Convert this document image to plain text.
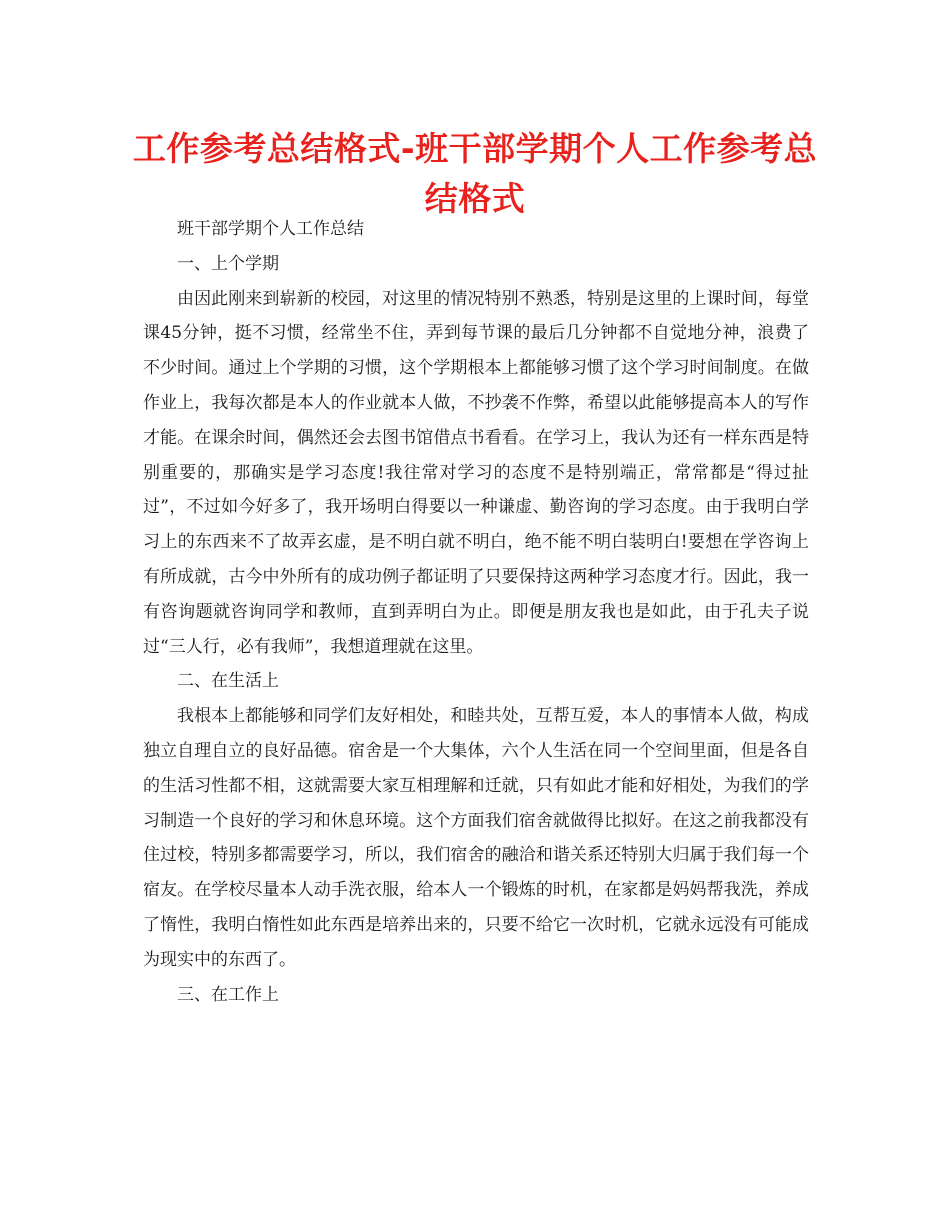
工作参考总结格式-班干部学期个人工作参考总结格式

班干部学期个人工作总结

一、上个学期

由因此刚来到崭新的校园，对这里的情况特别不熟悉，特别是这里的上课时间，每堂课45分钟，挺不习惯，经常坐不住，弄到每节课的最后几分钟都不自觉地分神，浪费了不少时间。通过上个学期的习惯，这个学期根本上都能够习惯了这个学习时间制度。在做作业上，我每次都是本人的作业就本人做，不抄袭不作弊，希望以此能够提高本人的写作才能。在课余时间，偶然还会去图书馆借点书看看。在学习上，我认为还有一样东西是特别重要的，那确实是学习态度!我往常对学习的态度不是特别端正，常常都是“得过扯过”，不过如今好多了，我开场明白得要以一种谦虚、勤咨询的学习态度。由于我明白学习上的东西来不了故弄玄虚，是不明白就不明白，绝不能不明白装明白!要想在学咨询上有所成就，古今中外所有的成功例子都证明了只要保持这两种学习态度才行。因此，我一有咨询题就咨询同学和教师，直到弄明白为止。即便是朋友我也是如此，由于孔夫子说过“三人行，必有我师”，我想道理就在这里。

二、在生活上

我根本上都能够和同学们友好相处，和睦共处，互帮互爱，本人的事情本人做，构成独立自理自立的良好品德。宿舍是一个大集体，六个人生活在同一个空间里面，但是各自的生活习性都不相，这就需要大家互相理解和迁就，只有如此才能和好相处，为我们的学习制造一个良好的学习和休息环境。这个方面我们宿舍就做得比拟好。在这之前我都没有住过校，特别多都需要学习，所以，我们宿舍的融洽和谐关系还特别大归属于我们每一个宿友。在学校尽量本人动手洗衣服，给本人一个锻炼的时机，在家都是妈妈帮我洗，养成了惰性，我明白惰性如此东西是培养出来的，只要不给它一次时机，它就永远没有可能成为现实中的东西了。

三、在工作上
